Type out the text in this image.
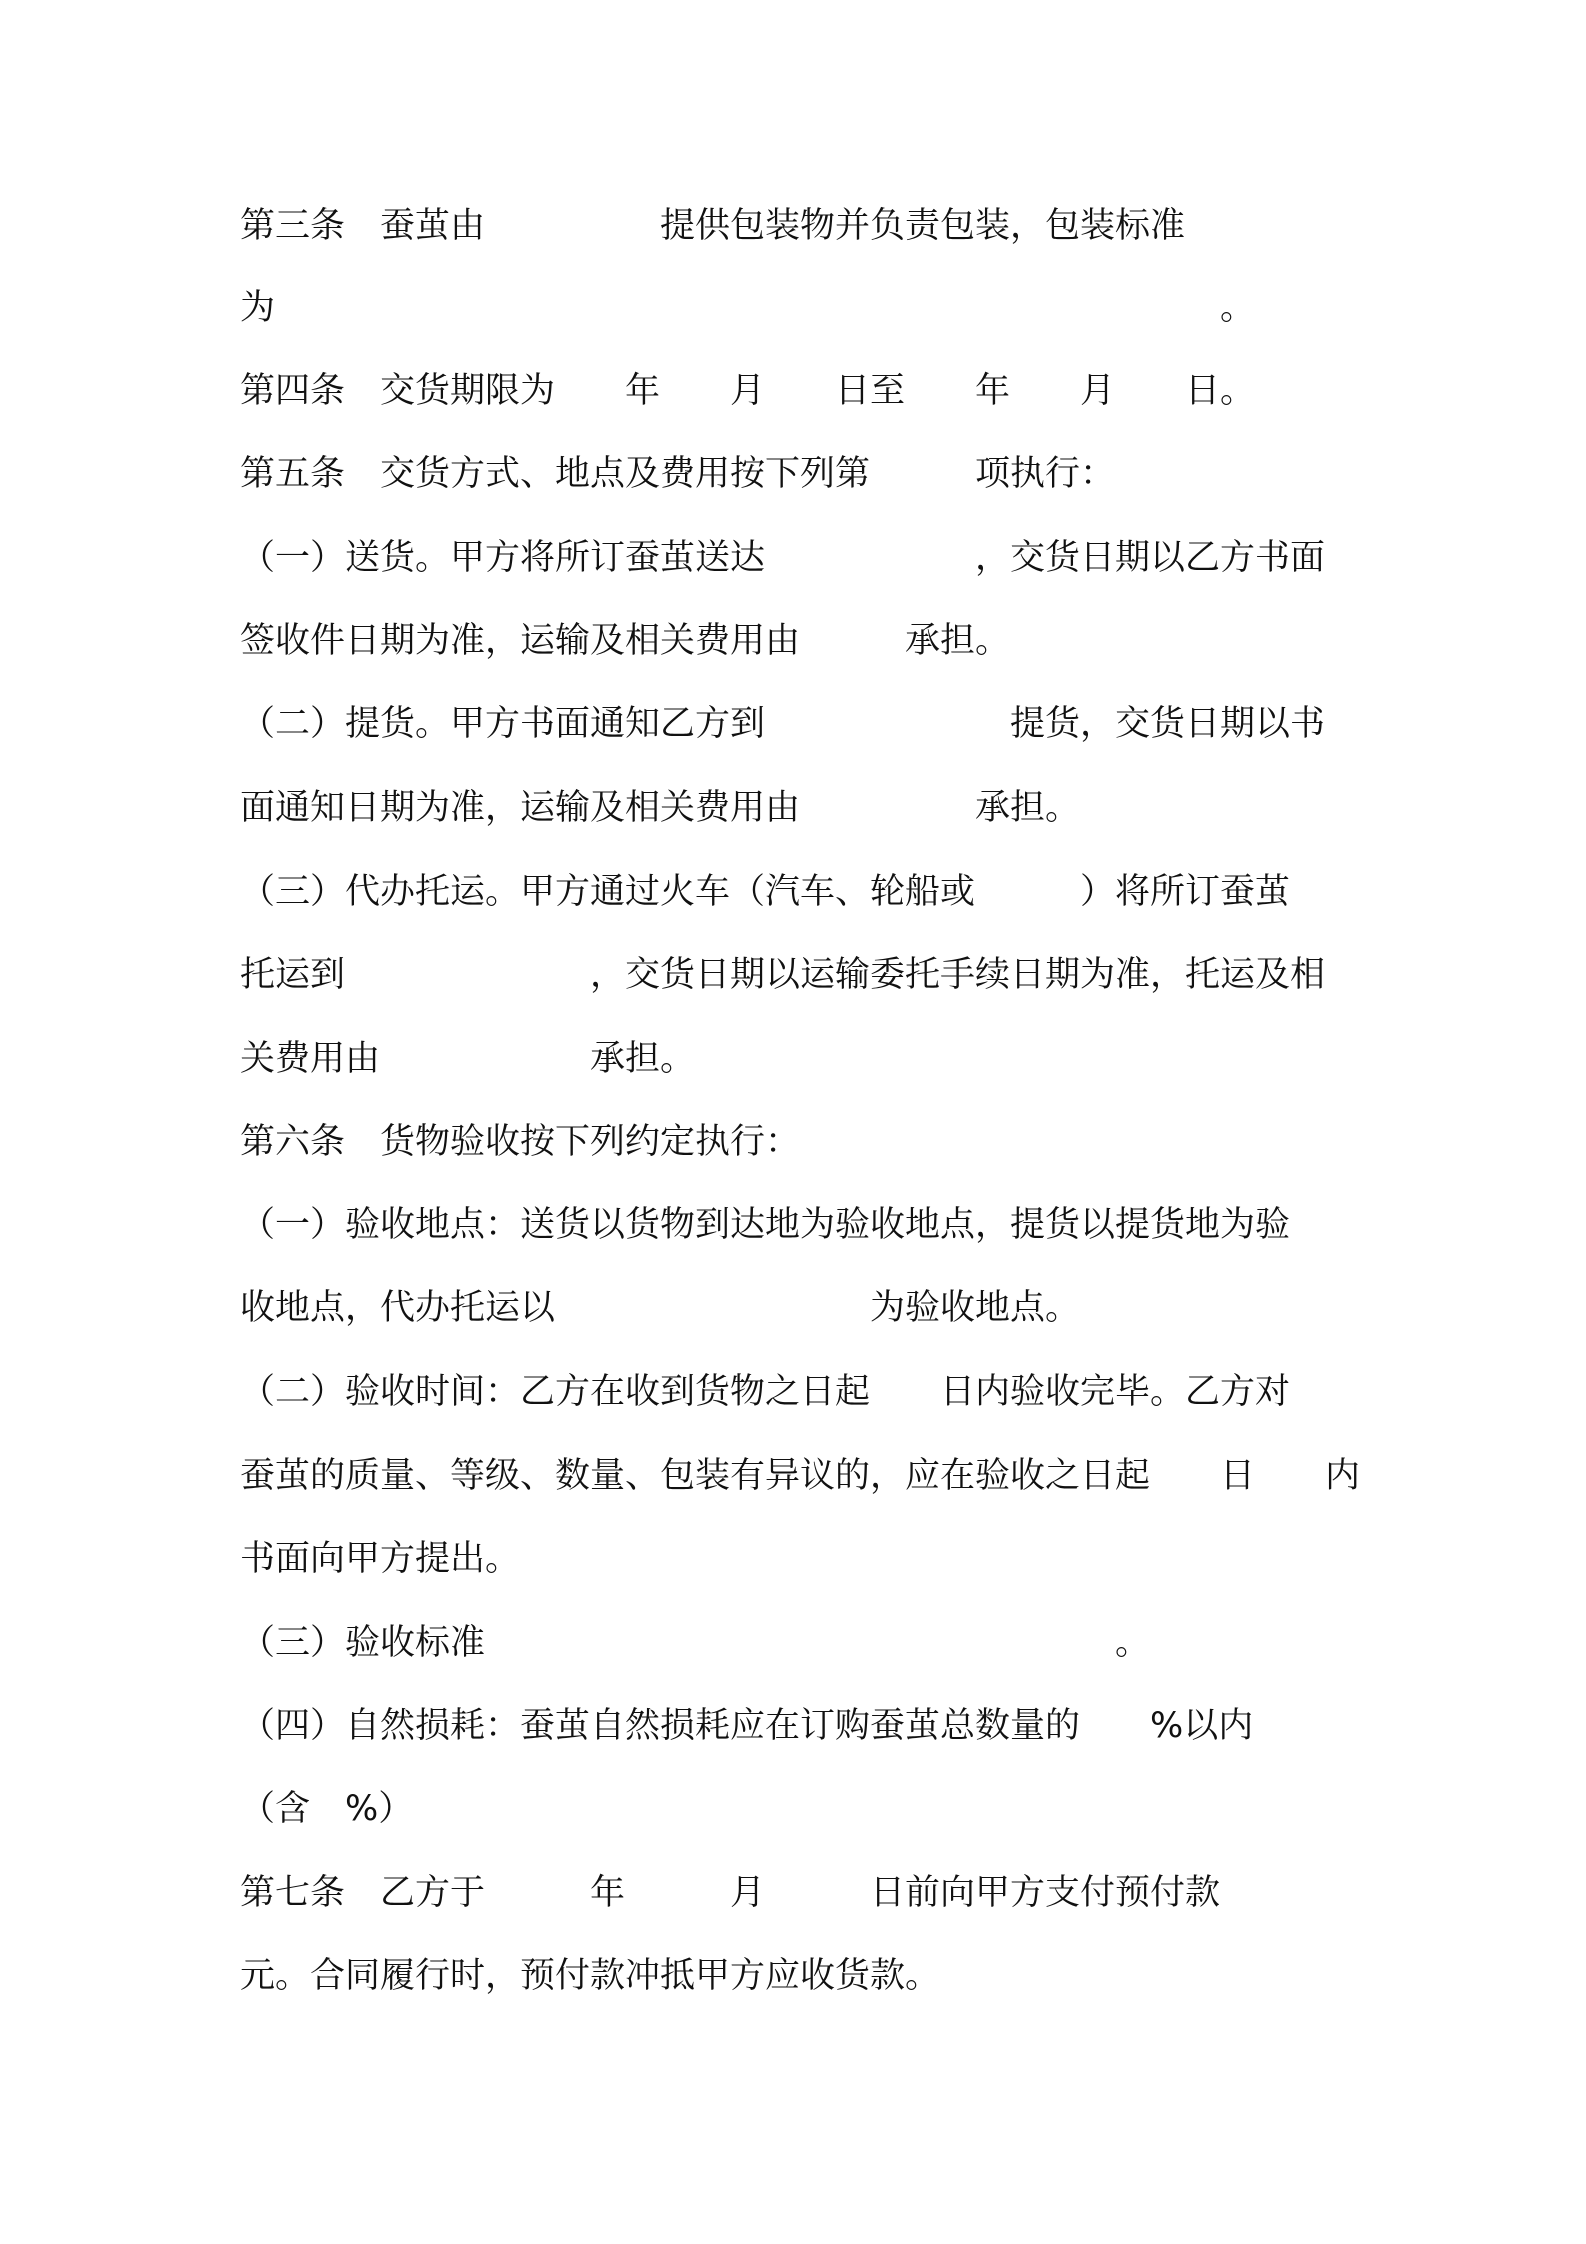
第三条　蚕茧由　　　　　提供包装物并负责包装，包装标准

为　　　　　　　　　　　　　　　　　　　　　　　　　　　。

第四条　交货期限为　　年　　月　　日至　　年　　月　　日。

第五条　交货方式、地点及费用按下列第　　　项执行：

（一）送货。甲方将所订蚕茧送达　　　　　　，交货日期以乙方书面

签收件日期为准，运输及相关费用由　　　承担。

（二）提货。甲方书面通知乙方到　　　　　　　提货，交货日期以书

面通知日期为准，运输及相关费用由　　　　　承担。

（三）代办托运。甲方通过火车（汽车、轮船或　　　）将所订蚕茧

托运到　　　　　　　，交货日期以运输委托手续日期为准，托运及相

关费用由　　　　　　承担。

第六条　货物验收按下列约定执行：

（一）验收地点：送货以货物到达地为验收地点，提货以提货地为验

收地点，代办托运以　　　　　　　　　为验收地点。

（二）验收时间：乙方在收到货物之日起　　日内验收完毕。乙方对

蚕茧的质量、等级、数量、包装有异议的，应在验收之日起　　日　　内

书面向甲方提出。

（三）验收标准　　　　　　　　　　　　　　　　　　。

（四）自然损耗：蚕茧自然损耗应在订购蚕茧总数量的　　%以内

（含　%）

第七条　乙方于　　　年　　　月　　　日前向甲方支付预付款

元。合同履行时，预付款冲抵甲方应收货款。
